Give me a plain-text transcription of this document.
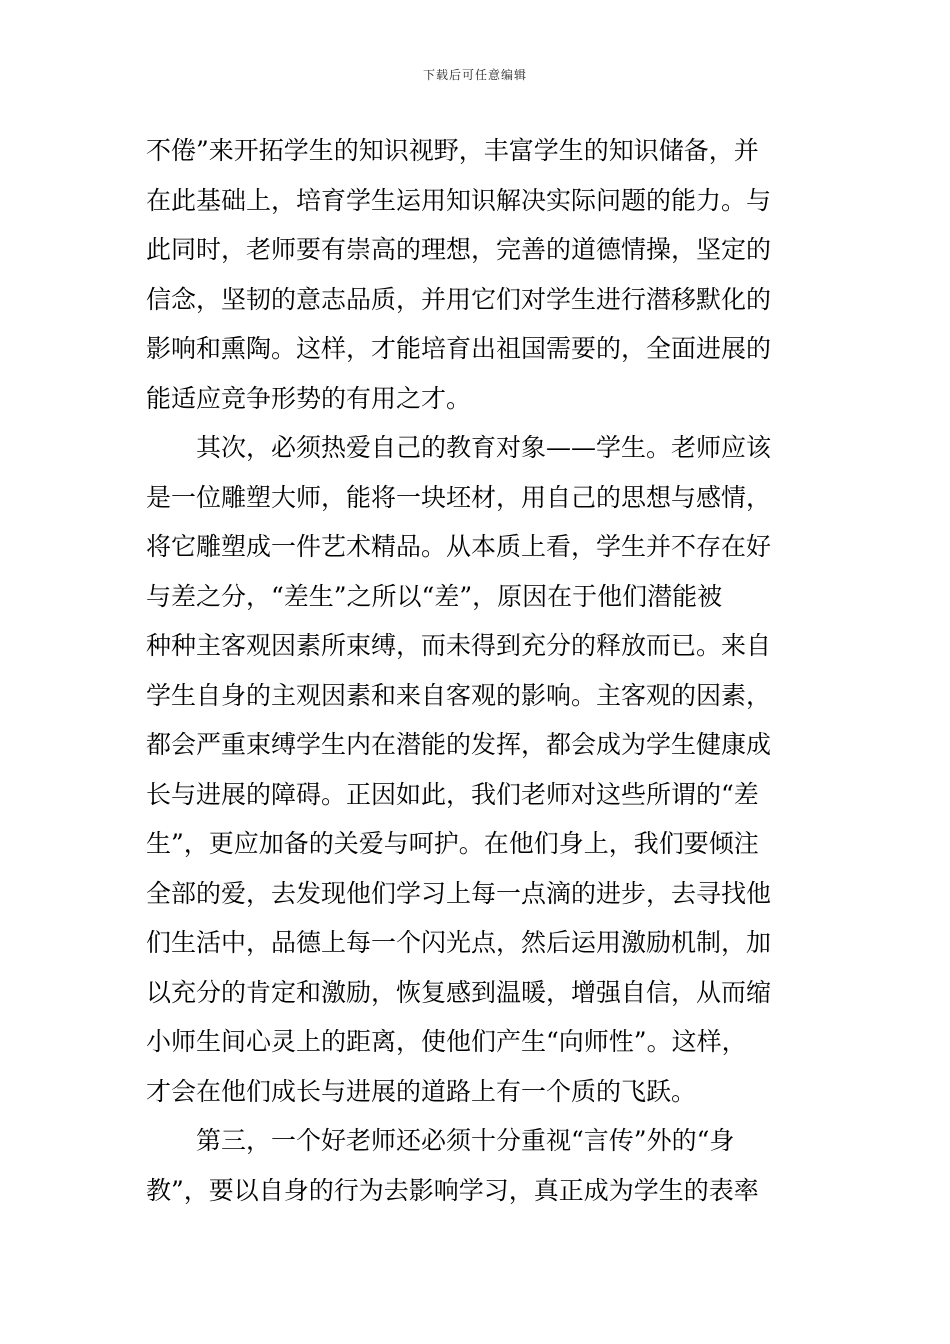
下载后可任意编辑
不倦”来开拓学生的知识视野，丰富学生的知识储备，并
在此基础上，培育学生运用知识解决实际问题的能力。与
此同时，老师要有崇高的理想，完善的道德情操，坚定的
信念，坚韧的意志品质，并用它们对学生进行潜移默化的
影响和熏陶。这样，才能培育出祖国需要的，全面进展的
能适应竞争形势的有用之才。
其次，必须热爱自己的教育对象——学生。老师应该
是一位雕塑大师，能将一块坯材，用自己的思想与感情，
将它雕塑成一件艺术精品。从本质上看，学生并不存在好
与差之分，“差生”之所以“差”，原因在于他们潜能被
种种主客观因素所束缚，而未得到充分的释放而已。来自
学生自身的主观因素和来自客观的影响。主客观的因素，
都会严重束缚学生内在潜能的发挥，都会成为学生健康成
长与进展的障碍。正因如此，我们老师对这些所谓的“差
生”，更应加备的关爱与呵护。在他们身上，我们要倾注
全部的爱，去发现他们学习上每一点滴的进步，去寻找他
们生活中，品德上每一个闪光点，然后运用激励机制，加
以充分的肯定和激励，恢复感到温暖，增强自信，从而缩
小师生间心灵上的距离，使他们产生“向师性”。这样，
才会在他们成长与进展的道路上有一个质的飞跃。
第三，一个好老师还必须十分重视“言传”外的“身
教”，要以自身的行为去影响学习，真正成为学生的表率
